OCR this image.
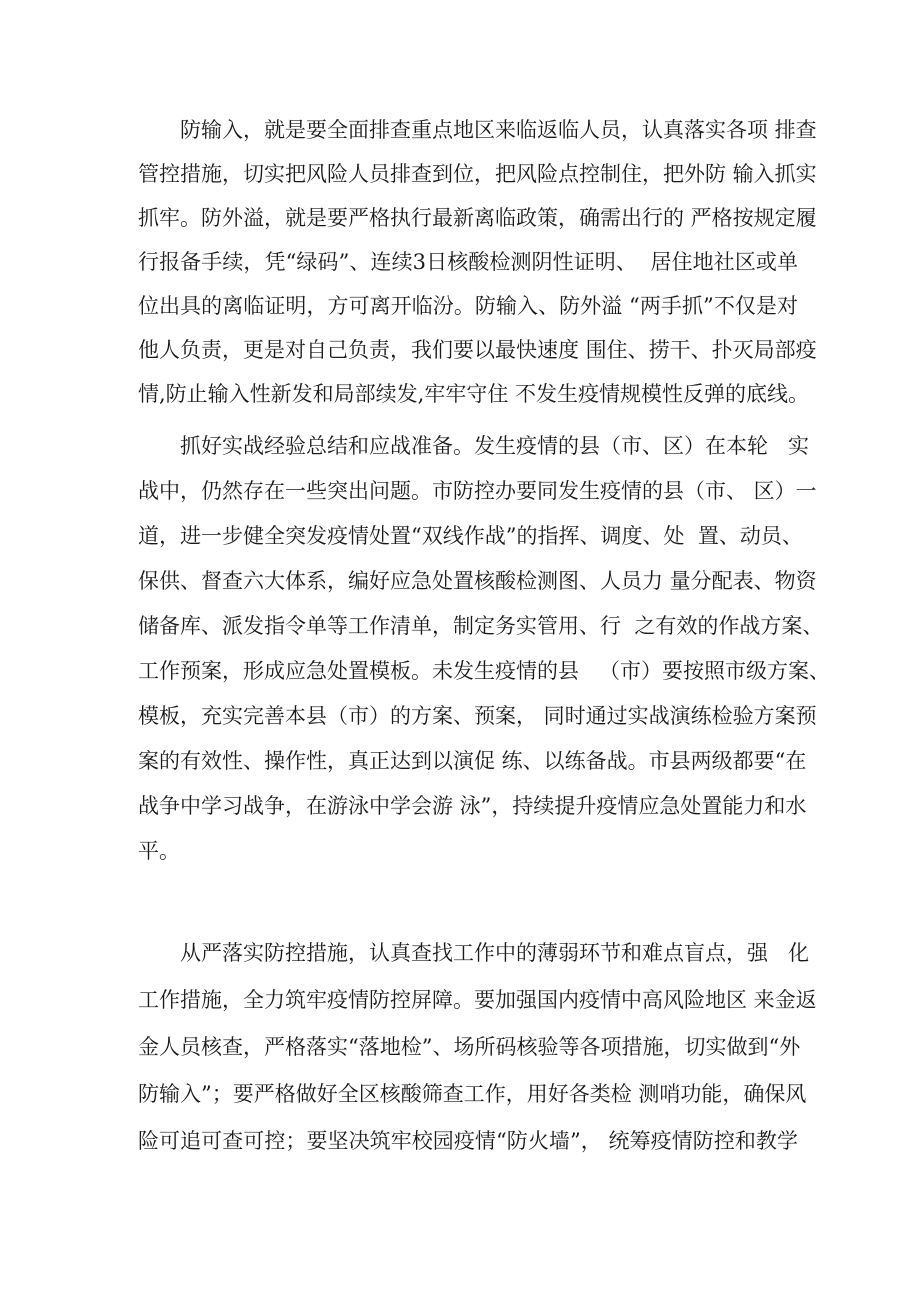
防输入，就是要全面排查重点地区来临返临人员，认真落实各项 排查
管控措施，切实把风险人员排查到位，把风险点控制住，把外防 输入抓实
抓牢。防外溢，就是要严格执行最新离临政策，确需出行的 严格按规定履
行报备手续，凭“绿码”、连续3日核酸检测阴性证明、  居住地社区或单
位出具的离临证明，方可离开临汾。防输入、防外溢 “两手抓”不仅是对
他人负责，更是对自己负责，我们要以最快速度 围住、捞干、扑灭局部疫
情,防止输入性新发和局部续发,牢牢守住 不发生疫情规模性反弹的底线。
抓好实战经验总结和应战准备。发生疫情的县（市、区）在本轮   实
战中，仍然存在一些突出问题。市防控办要同发生疫情的县（市、 区）一
道，进一步健全突发疫情处置“双线作战”的指挥、调度、处  置、动员、
保供、督查六大体系，编好应急处置核酸检测图、人员力 量分配表、物资
储备库、派发指令单等工作清单，制定务实管用、行  之有效的作战方案、
工作预案，形成应急处置模板。未发生疫情的县   （市）要按照市级方案、
模板，充实完善本县（市）的方案、预案， 同时通过实战演练检验方案预
案的有效性、操作性，真正达到以演促 练、以练备战。市县两级都要“在
战争中学习战争，在游泳中学会游 泳”，持续提升疫情应急处置能力和水
平。
从严落实防控措施，认真查找工作中的薄弱环节和难点盲点，强   化
工作措施，全力筑牢疫情防控屏障。要加强国内疫情中高风险地区 来金返
金人员核查，严格落实“落地检”、场所码核验等各项措施，切实做到“外
防输入”；要严格做好全区核酸筛查工作，用好各类检 测哨功能，确保风
险可追可查可控；要坚决筑牢校园疫情“防火墙”， 统筹疫情防控和教学
